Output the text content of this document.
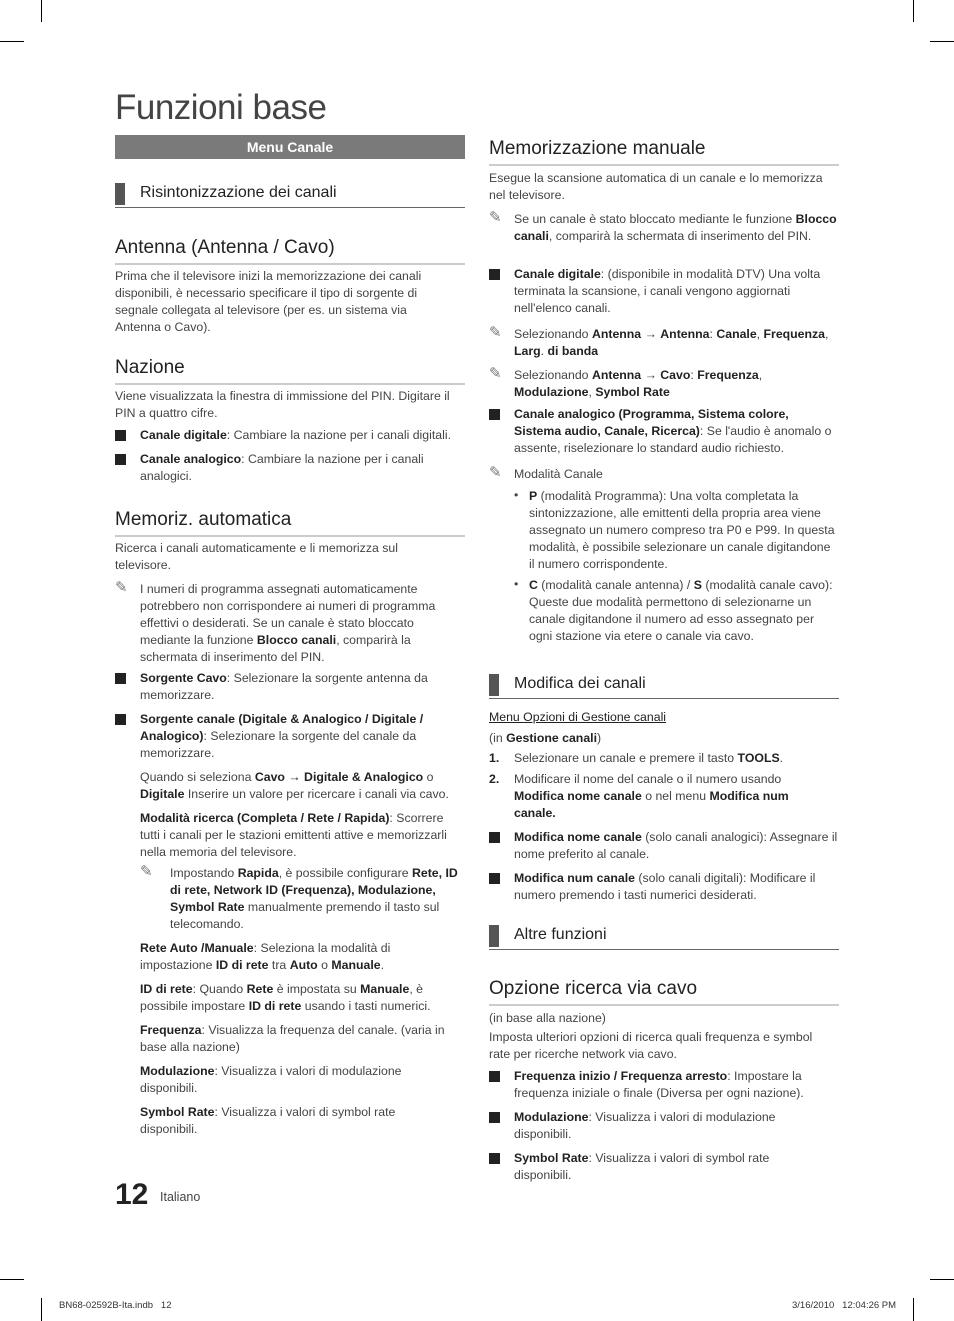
Funzioni base
Menu Canale
Risintonizzazione dei canali
Antenna (Antenna / Cavo)
Prima che il televisore inizi la memorizzazione dei canali disponibili, è necessario specificare il tipo di sorgente di segnale collegata al televisore (per es. un sistema via Antenna o Cavo).
Nazione
Viene visualizzata la finestra di immissione del PIN. Digitare il PIN a quattro cifre.
Canale digitale: Cambiare la nazione per i canali digitali.
Canale analogico: Cambiare la nazione per i canali analogici.
Memoriz. automatica
Ricerca i canali automaticamente e li memorizza sul televisore.
✎ I numeri di programma assegnati automaticamente potrebbero non corrispondere ai numeri di programma effettivi o desiderati. Se un canale è stato bloccato mediante la funzione Blocco canali, comparirà la schermata di inserimento del PIN.
Sorgente Cavo: Selezionare la sorgente antenna da memorizzare.
Sorgente canale (Digitale & Analogico / Digitale / Analogico): Selezionare la sorgente del canale da memorizzare.
Quando si seleziona Cavo → Digitale & Analogico o Digitale Inserire un valore per ricercare i canali via cavo.
Modalità ricerca (Completa / Rete / Rapida): Scorrere tutti i canali per le stazioni emittenti attive e memorizzarli nella memoria del televisore.
✎ Impostando Rapida, è possibile configurare Rete, ID di rete, Network ID (Frequenza), Modulazione, Symbol Rate manualmente premendo il tasto sul telecomando.
Rete Auto /Manuale: Seleziona la modalità di impostazione ID di rete tra Auto o Manuale.
ID di rete: Quando Rete è impostata su Manuale, è possibile impostare ID di rete usando i tasti numerici.
Frequenza: Visualizza la frequenza del canale. (varia in base alla nazione)
Modulazione: Visualizza i valori di modulazione disponibili.
Symbol Rate: Visualizza i valori di symbol rate disponibili.
Memorizzazione manuale
Esegue la scansione automatica di un canale e lo memorizza nel televisore.
✎ Se un canale è stato bloccato mediante le funzione Blocco canali, comparirà la schermata di inserimento del PIN.
Canale digitale: (disponibile in modalità DTV) Una volta terminata la scansione, i canali vengono aggiornati nell'elenco canali.
✎ Selezionando Antenna → Antenna: Canale, Frequenza, Larg. di banda
✎ Selezionando Antenna → Cavo: Frequenza, Modulazione, Symbol Rate
Canale analogico (Programma, Sistema colore, Sistema audio, Canale, Ricerca): Se l'audio è anomalo o assente, riselezionare lo standard audio richiesto.
✎ Modalità Canale
• P (modalità Programma): Una volta completata la sintonizzazione, alle emittenti della propria area viene assegnato un numero compreso tra P0 e P99. In questa modalità, è possibile selezionare un canale digitandone il numero corrispondente.
• C (modalità canale antenna) / S (modalità canale cavo): Queste due modalità permettono di selezionarne un canale digitandone il numero ad esso assegnato per ogni stazione via etere o canale via cavo.
Modifica dei canali
Menu Opzioni di Gestione canali
(in Gestione canali)
1. Selezionare un canale e premere il tasto TOOLS.
2. Modificare il nome del canale o il numero usando Modifica nome canale o nel menu Modifica num canale.
Modifica nome canale (solo canali analogici): Assegnare il nome preferito al canale.
Modifica num canale (solo canali digitali): Modificare il numero premendo i tasti numerici desiderati.
Altre funzioni
Opzione ricerca via cavo
(in base alla nazione)
Imposta ulteriori opzioni di ricerca quali frequenza e symbol rate per ricerche network via cavo.
Frequenza inizio / Frequenza arresto: Impostare la frequenza iniziale o finale (Diversa per ogni nazione).
Modulazione: Visualizza i valori di modulazione disponibili.
Symbol Rate: Visualizza i valori di symbol rate disponibili.
12 Italiano
BN68-02592B-Ita.indb   12	3/16/2010   12:04:26 PM
